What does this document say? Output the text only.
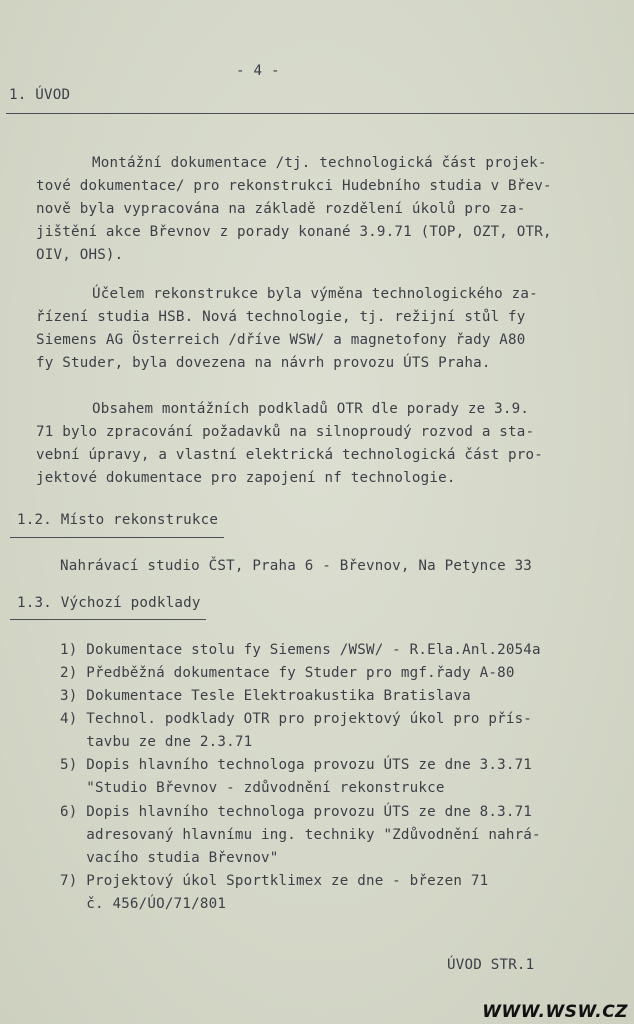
- 4 -
1. ÚVOD
Montážní dokumentace /tj. technologická část projek-
tové dokumentace/ pro rekonstrukci Hudebního studia v Břev-
nově byla vypracována na základě rozdělení úkolů pro za-
jištění akce Břevnov z porady konané 3.9.71 (TOP, OZT, OTR,
OIV, OHS).
Účelem rekonstrukce byla výměna technologického za-
řízení studia HSB. Nová technologie, tj. režijní stůl fy
Siemens AG Österreich /dříve WSW/ a magnetofony řady A80
fy Studer, byla dovezena na návrh provozu ÚTS Praha.
Obsahem montážních podkladů OTR dle porady ze 3.9.
71 bylo zpracování požadavků na silnoproudý rozvod a sta-
vební úpravy, a vlastní elektrická technologická část pro-
jektové dokumentace pro zapojení nf technologie.
1.2. Místo rekonstrukce
Nahrávací studio ČST, Praha 6 - Břevnov, Na Petynce 33
1.3. Výchozí podklady
1) Dokumentace stolu fy Siemens /WSW/ - R.Ela.Anl.2054a
2) Předběžná dokumentace fy Studer pro mgf.řady A-80
3) Dokumentace Tesle Elektroakustika Bratislava
4) Technol. podklady OTR pro projektový úkol pro přís-
tavbu ze dne 2.3.71
5) Dopis hlavního technologa provozu ÚTS ze dne 3.3.71
"Studio Břevnov - zdůvodnění rekonstrukce
6) Dopis hlavního technologa provozu ÚTS ze dne 8.3.71
adresovaný hlavnímu ing. techniky "Zdůvodnění nahrá-
vacího studia Břevnov"
7) Projektový úkol Sportklimex ze dne - březen 71
č. 456/ÚO/71/801
ÚVOD STR.1
WWW.WSW.CZ
